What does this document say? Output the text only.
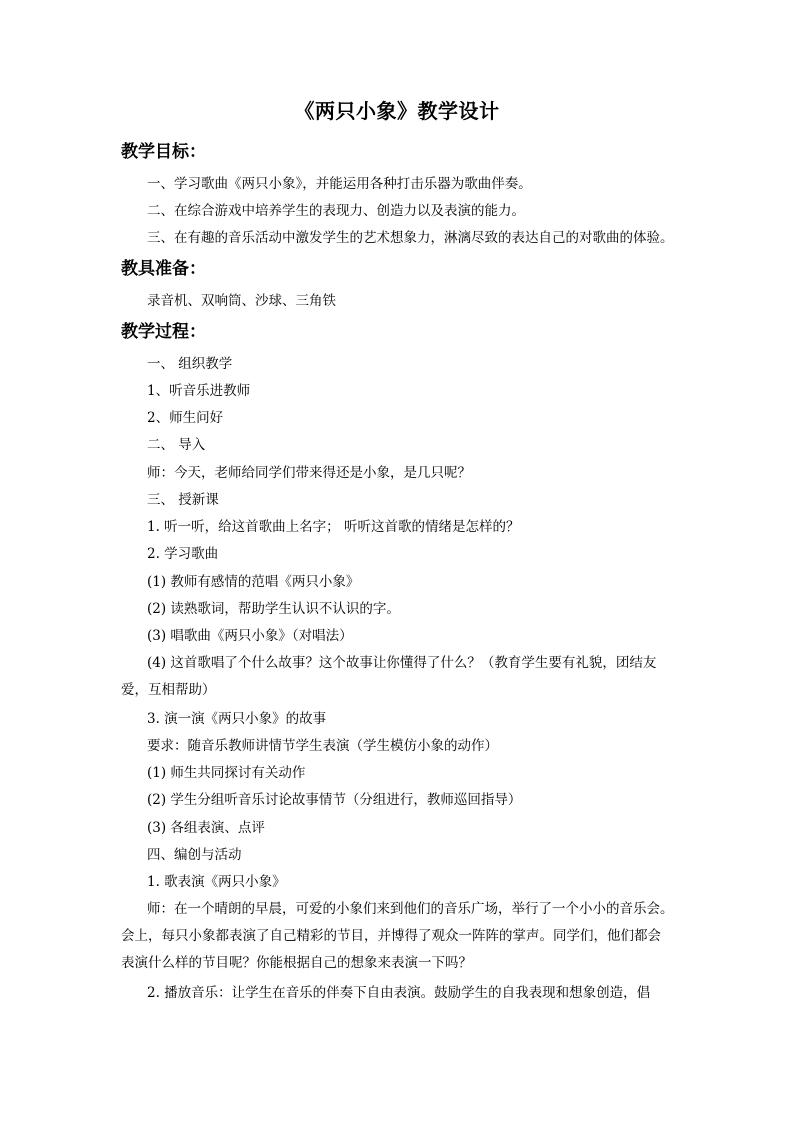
《两只小象》教学设计
教学目标：
一、学习歌曲《两只小象》，并能运用各种打击乐器为歌曲伴奏。
二、在综合游戏中培养学生的表现力、创造力以及表演的能力。
三、在有趣的音乐活动中激发学生的艺术想象力，淋漓尽致的表达自己的对歌曲的体验。
教具准备：
录音机、双响筒、沙球、三角铁
教学过程：
一、 组织教学
1、听音乐进教师
2、师生问好
二、 导入
师：今天，老师给同学们带来得还是小象，是几只呢？
三、 授新课
1. 听一听，给这首歌曲上名字； 听听这首歌的情绪是怎样的？
2. 学习歌曲
(1) 教师有感情的范唱《两只小象》
(2) 读熟歌词，帮助学生认识不认识的字。
(3) 唱歌曲《两只小象》（对唱法）
(4) 这首歌唱了个什么故事？这个故事让你懂得了什么？（教育学生要有礼貌，团结友
爱，互相帮助）
3. 演一演《两只小象》的故事
要求：随音乐教师讲情节学生表演（学生模仿小象的动作）
(1) 师生共同探讨有关动作
(2) 学生分组听音乐讨论故事情节（分组进行，教师巡回指导）
(3) 各组表演、点评
四、编创与活动
1. 歌表演《两只小象》
师：在一个晴朗的早晨，可爱的小象们来到他们的音乐广场，举行了一个小小的音乐会。
会上，每只小象都表演了自己精彩的节目，并博得了观众一阵阵的掌声。同学们，他们都会
表演什么样的节目呢？你能根据自己的想象来表演一下吗？
2. 播放音乐：让学生在音乐的伴奏下自由表演。鼓励学生的自我表现和想象创造，倡
